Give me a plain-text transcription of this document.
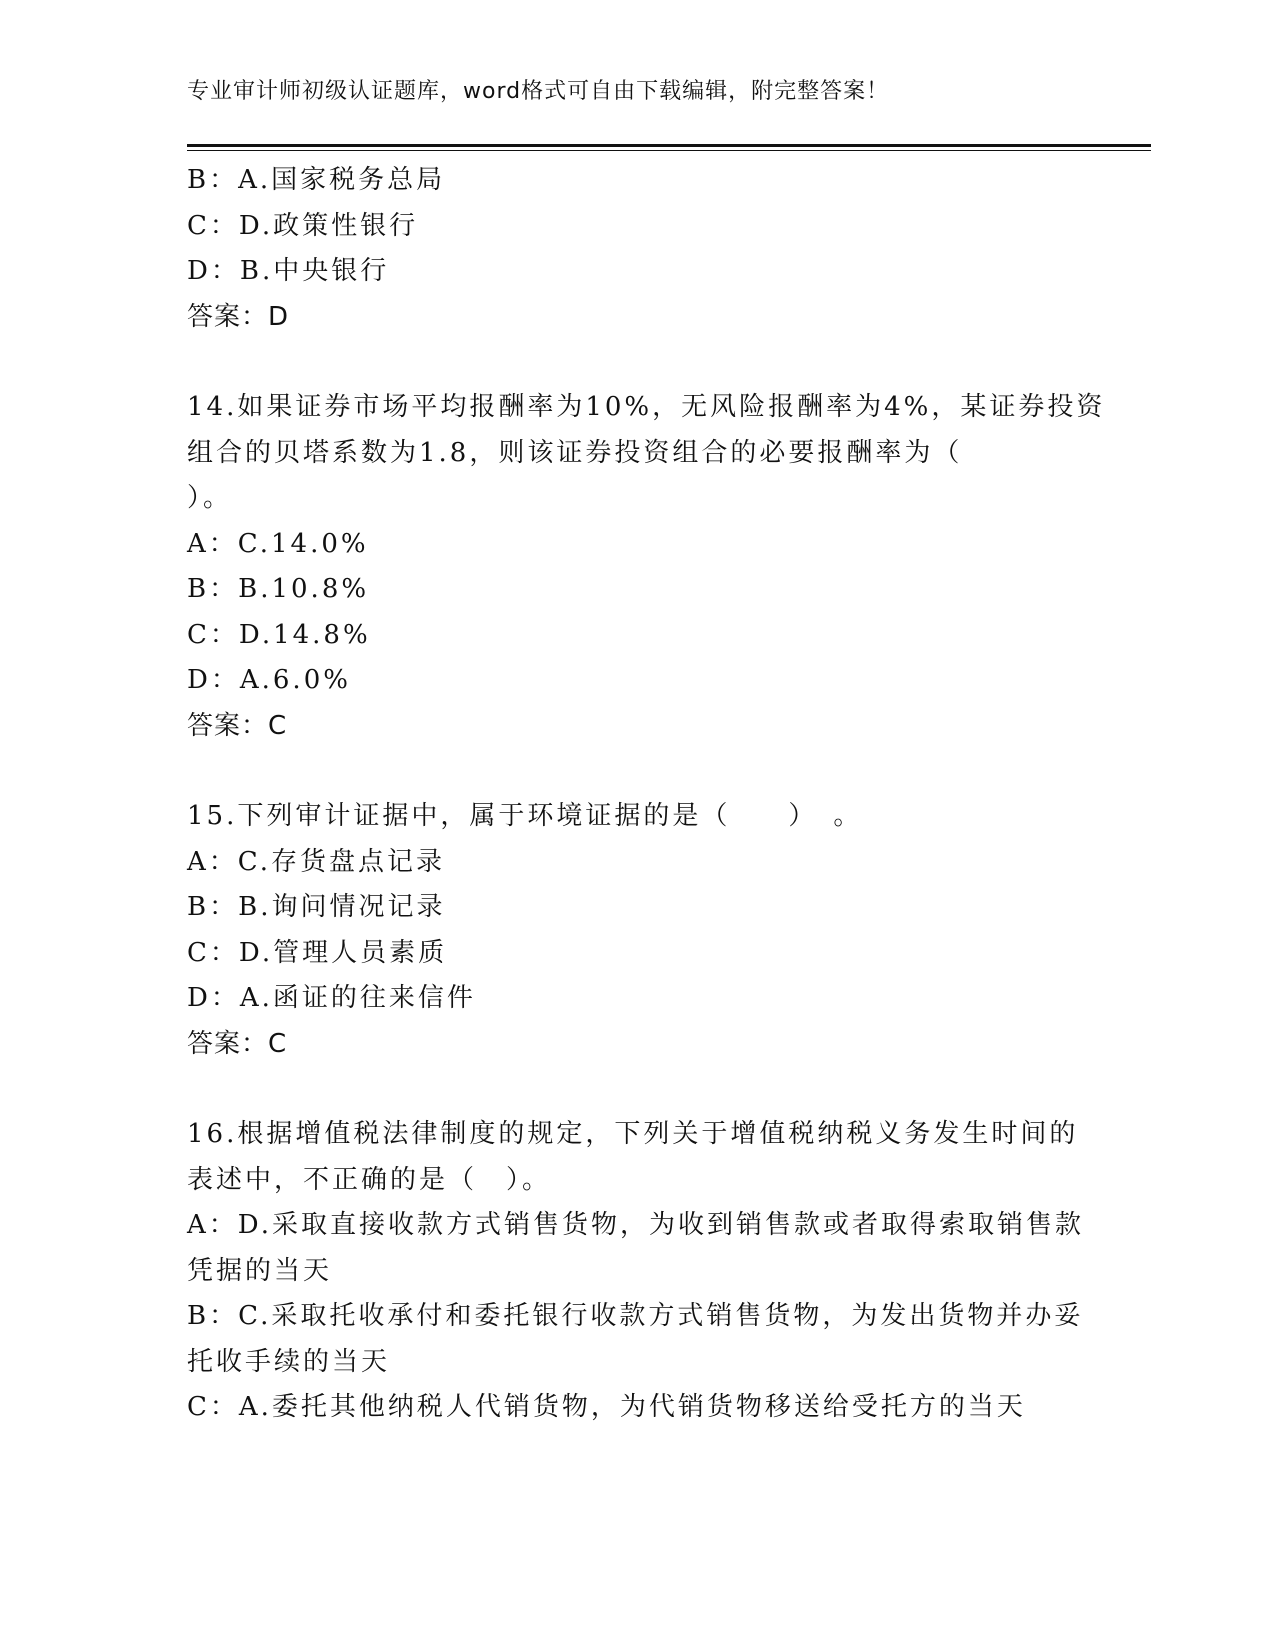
专业审计师初级认证题库，word格式可自由下载编辑，附完整答案！
B：A.国家税务总局
C：D.政策性银行
D：B.中央银行
答案：D
14.如果证券市场平均报酬率为10%，无风险报酬率为4%，某证券投资
组合的贝塔系数为1.8，则该证券投资组合的必要报酬率为（
）。
A：C.14.0%
B：B.10.8%
C：D.14.8%
D：A.6.0%
答案：C
15.下列审计证据中，属于环境证据的是（　　）　。
A：C.存货盘点记录
B：B.询问情况记录
C：D.管理人员素质
D：A.函证的往来信件
答案：C
16.根据增值税法律制度的规定，下列关于增值税纳税义务发生时间的
表述中，不正确的是（　）。
A：D.采取直接收款方式销售货物，为收到销售款或者取得索取销售款
凭据的当天
B：C.采取托收承付和委托银行收款方式销售货物，为发出货物并办妥
托收手续的当天
C：A.委托其他纳税人代销货物，为代销货物移送给受托方的当天
